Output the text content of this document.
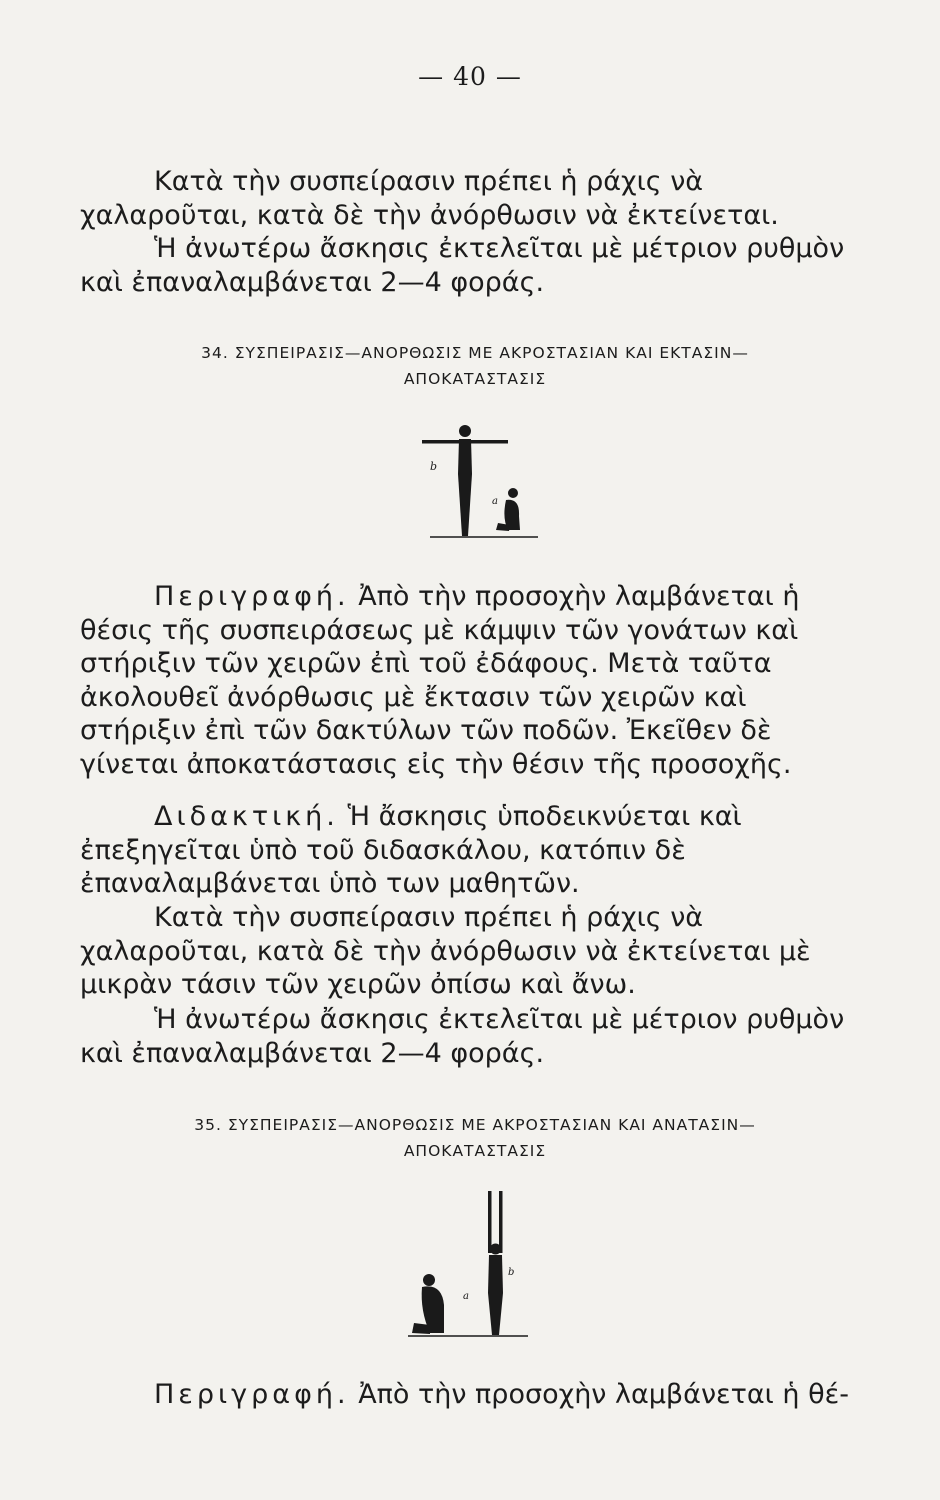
— 40 —

Κατὰ τὴν συσπείρασιν πρέπει ἡ ράχις νὰ χαλαροῦται, κατὰ δὲ τὴν ἀνόρθωσιν νὰ ἐκτείνεται.

Ἡ ἀνωτέρω ἄσκησις ἐκτελεῖται μὲ μέτριον ρυθμὸν καὶ ἐπαναλαμβάνεται 2—4 φοράς.

34. ΣΥΣΠΕΙΡΑΣΙΣ—ΑΝΟΡΘΩΣΙΣ ΜΕ ΑΚΡΟΣΤΑΣΙΑΝ ΚΑΙ ΕΚΤΑΣΙΝ—
ΑΠΟΚΑΤΑΣΤΑΣΙΣ
b
a

Περιγραφή. Ἀπὸ τὴν προσοχὴν λαμβάνεται ἡ θέσις τῆς συσπειράσεως μὲ κάμψιν τῶν γονάτων καὶ στήριξιν τῶν χειρῶν ἐπὶ τοῦ ἐδάφους. Μετὰ ταῦτα ἀκολουθεῖ ἀνόρθωσις μὲ ἔκτασιν τῶν χειρῶν καὶ στήριξιν ἐπὶ τῶν δακτύλων τῶν ποδῶν. Ἐκεῖθεν δὲ γίνεται ἀποκατάστασις εἰς τὴν θέσιν τῆς προσοχῆς.

Διδακτική. Ἡ ἄσκησις ὑποδεικνύεται καὶ ἐπεξηγεῖται ὑπὸ τοῦ διδασκάλου, κατόπιν δὲ ἐπαναλαμβάνεται ὑπὸ των μαθητῶν.

Κατὰ τὴν συσπείρασιν πρέπει ἡ ράχις νὰ χαλαροῦται, κατὰ δὲ τὴν ἀνόρθωσιν νὰ ἐκτείνεται μὲ μικρὰν τάσιν τῶν χειρῶν ὀπίσω καὶ ἄνω.

Ἡ ἀνωτέρω ἄσκησις ἐκτελεῖται μὲ μέτριον ρυθμὸν καὶ ἐπαναλαμβάνεται 2—4 φοράς.

35. ΣΥΣΠΕΙΡΑΣΙΣ—ΑΝΟΡΘΩΣΙΣ ΜΕ ΑΚΡΟΣΤΑΣΙΑΝ ΚΑΙ ΑΝΑΤΑΣΙΝ—
ΑΠΟΚΑΤΑΣΤΑΣΙΣ
a
b

Περιγραφή. Ἀπὸ τὴν προσοχὴν λαμβάνεται ἡ θέ-
